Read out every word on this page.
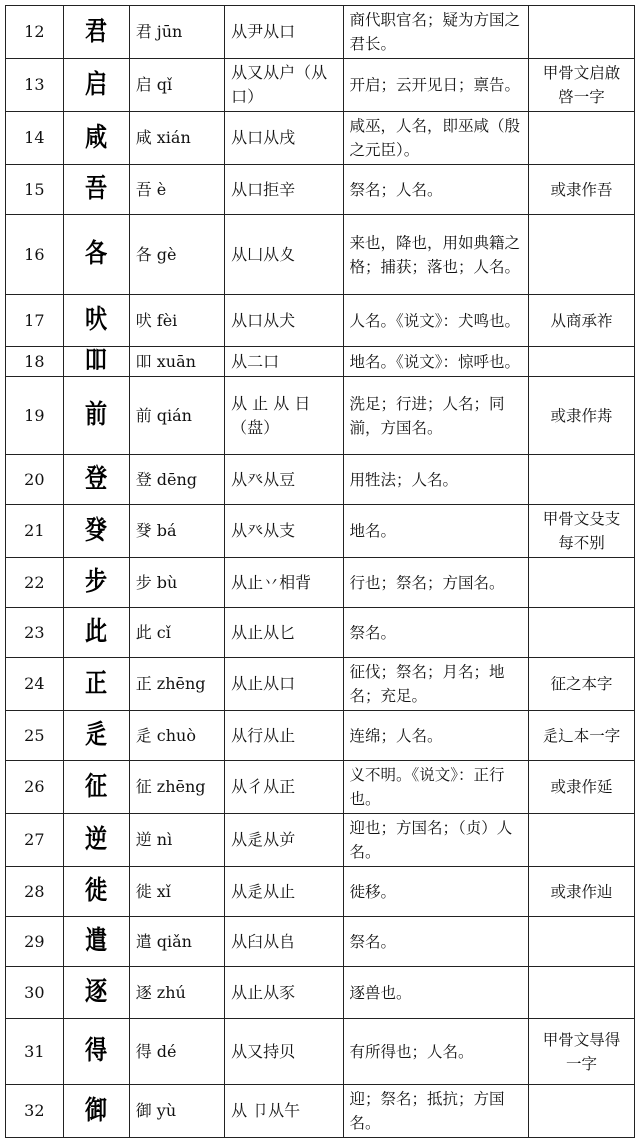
12	君	君 jūn	从尹从口	商代职官名；疑为方国之君长。	
13	启	启 qǐ	从又从户（从口）	开启；云开见日；禀告。	甲骨文启啟啓一字
14	咸	咸 xián	从口从戌	咸巫，人名，即巫咸（殷之元臣）。	
15	吾	吾 è	从口拒辛	祭名；人名。	或隶作吾
16	各	各 gè	从凵从夊	来也，降也，用如典籍之格；捕获；落也；人名。	
17	吠	吠 fèi	从口从犬	人名。《说文》：犬鸣也。	从商承祚
18	吅	吅 xuān	从二口	地名。《说文》：惊呼也。	
19	前	前 qián	从 止 从 日（盘）	洗足；行进；人名；同湔，方国名。	或隶作歬
20	登	登 dēng	从癶从豆	用牲法；人名。	
21	癹	癹 bá	从癶从支	地名。	甲骨文殳支每不别
22	步	步 bù	从止丷相背	行也；祭名；方国名。	
23	此	此 cǐ	从止从匕	祭名。	
24	正	正 zhēng	从止从口	征伐；祭名；月名；地名；充足。	征之本字
25	辵	辵 chuò	从行从止	连绵；人名。	辵辶本一字
26	征	征 zhēng	从彳从正	义不明。《说文》：正行也。	或隶作延
27	逆	逆 nì	从辵从屰	迎也；方国名；（贞）人名。	
28	徙	徙 xǐ	从辵从止	徙移。	或隶作辿
29	遣	遣 qiǎn	从臼从𠂤	祭名。	
30	逐	逐 zhú	从止从豕	逐兽也。	
31	得	得 dé	从又持贝	有所得也；人名。	甲骨文㝵得一字
32	御	御 yù	从 卩从午	迎；祭名；抵抗；方国名。	
